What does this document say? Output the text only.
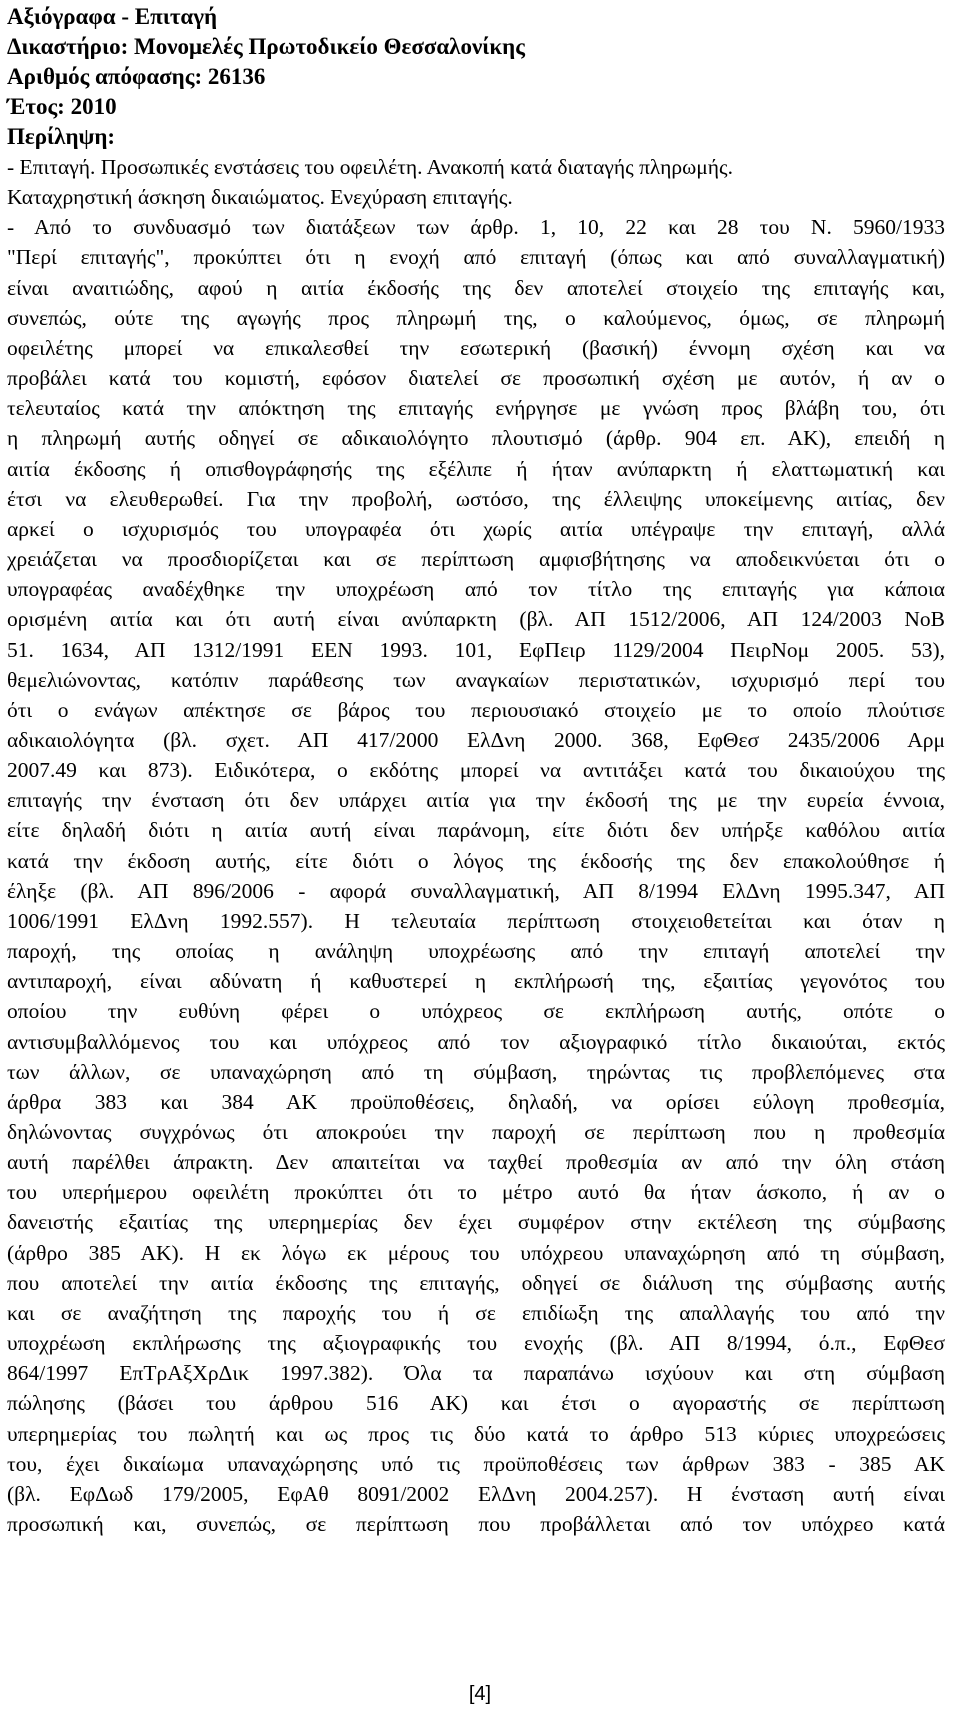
Αξιόγραφα - Επιταγή
Δικαστήριο: Μονομελές Πρωτοδικείο Θεσσαλονίκης
Αριθμός απόφασης: 26136
Έτος: 2010
Περίληψη:
- Επιταγή. Προσωπικές ενστάσεις του οφειλέτη. Ανακοπή κατά διαταγής πληρωμής.
Καταχρηστική άσκηση δικαιώματος. Ενεχύραση επιταγής.
- Από το συνδυασμό των διατάξεων των άρθρ. 1, 10, 22 και 28 του Ν. 5960/1933
"Περί επιταγής", προκύπτει ότι η ενοχή από επιταγή (όπως και από συναλλαγματική)
είναι αναιτιώδης, αφού η αιτία έκδοσής της δεν αποτελεί στοιχείο της επιταγής και,
συνεπώς, ούτε της αγωγής προς πληρωμή της, ο καλούμενος, όμως, σε πληρωμή
οφειλέτης μπορεί να επικαλεσθεί την εσωτερική (βασική) έννομη σχέση και να
προβάλει κατά του κομιστή, εφόσον διατελεί σε προσωπική σχέση με αυτόν, ή αν ο
τελευταίος κατά την απόκτηση της επιταγής ενήργησε με γνώση προς βλάβη του, ότι
η πληρωμή αυτής οδηγεί σε αδικαιολόγητο πλουτισμό (άρθρ. 904 επ. ΑΚ), επειδή η
αιτία έκδοσης ή οπισθογράφησής της εξέλιπε ή ήταν ανύπαρκτη ή ελαττωματική και
έτσι να ελευθερωθεί. Για την προβολή, ωστόσο, της έλλειψης υποκείμενης αιτίας, δεν
αρκεί ο ισχυρισμός του υπογραφέα ότι χωρίς αιτία υπέγραψε την επιταγή, αλλά
χρειάζεται να προσδιορίζεται και σε περίπτωση αμφισβήτησης να αποδεικνύεται ότι ο
υπογραφέας αναδέχθηκε την υποχρέωση από τον τίτλο της επιταγής για κάποια
ορισμένη αιτία και ότι αυτή είναι ανύπαρκτη (βλ. ΑΠ 1512/2006, ΑΠ 124/2003 ΝοΒ
51. 1634, ΑΠ 1312/1991 ΕΕΝ 1993. 101, ΕφΠειρ 1129/2004 ΠειρΝομ 2005. 53),
θεμελιώνοντας, κατόπιν παράθεσης των αναγκαίων περιστατικών, ισχυρισμό περί του
ότι ο ενάγων απέκτησε σε βάρος του περιουσιακό στοιχείο με το οποίο πλούτισε
αδικαιολόγητα (βλ. σχετ. ΑΠ 417/2000 ΕλΔνη 2000. 368, ΕφΘεσ 2435/2006 Αρμ
2007.49 και 873). Ειδικότερα, ο εκδότης μπορεί να αντιτάξει κατά του δικαιούχου της
επιταγής την ένσταση ότι δεν υπάρχει αιτία για την έκδοσή της με την ευρεία έννοια,
είτε δηλαδή διότι η αιτία αυτή είναι παράνομη, είτε διότι δεν υπήρξε καθόλου αιτία
κατά την έκδοση αυτής, είτε διότι ο λόγος της έκδοσής της δεν επακολούθησε ή
έληξε (βλ. ΑΠ 896/2006 - αφορά συναλλαγματική, ΑΠ 8/1994 ΕλΔνη 1995.347, ΑΠ
1006/1991 ΕλΔνη 1992.557). Η τελευταία περίπτωση στοιχειοθετείται και όταν η
παροχή, της οποίας η ανάληψη υποχρέωσης από την επιταγή αποτελεί την
αντιπαροχή, είναι αδύνατη ή καθυστερεί η εκπλήρωσή της, εξαιτίας γεγονότος του
οποίου την ευθύνη φέρει ο υπόχρεος σε εκπλήρωση αυτής, οπότε ο
αντισυμβαλλόμενος του και υπόχρεος από τον αξιογραφικό τίτλο δικαιούται, εκτός
των άλλων, σε υπαναχώρηση από τη σύμβαση, τηρώντας τις προβλεπόμενες στα
άρθρα 383 και 384 ΑΚ προϋποθέσεις, δηλαδή, να ορίσει εύλογη προθεσμία,
δηλώνοντας συγχρόνως ότι αποκρούει την παροχή σε περίπτωση που η προθεσμία
αυτή παρέλθει άπρακτη. Δεν απαιτείται να ταχθεί προθεσμία αν από την όλη στάση
του υπερήμερου οφειλέτη προκύπτει ότι το μέτρο αυτό θα ήταν άσκοπο, ή αν ο
δανειστής εξαιτίας της υπερημερίας δεν έχει συμφέρον στην εκτέλεση της σύμβασης
(άρθρο 385 ΑΚ). Η εκ λόγω εκ μέρους του υπόχρεου υπαναχώρηση από τη σύμβαση,
που αποτελεί την αιτία έκδοσης της επιταγής, οδηγεί σε διάλυση της σύμβασης αυτής
και σε αναζήτηση της παροχής του ή σε επιδίωξη της απαλλαγής του από την
υποχρέωση εκπλήρωσης της αξιογραφικής του ενοχής (βλ. ΑΠ 8/1994, ό.π., ΕφΘεσ
864/1997 ΕπΤρΑξΧρΔικ 1997.382). Όλα τα παραπάνω ισχύουν και στη σύμβαση
πώλησης (βάσει του άρθρου 516 ΑΚ) και έτσι ο αγοραστής σε περίπτωση
υπερημερίας του πωλητή και ως προς τις δύο κατά το άρθρο 513 κύριες υποχρεώσεις
του, έχει δικαίωμα υπαναχώρησης υπό τις προϋποθέσεις των άρθρων 383 - 385 ΑΚ
(βλ. ΕφΔωδ 179/2005, ΕφΑθ 8091/2002 ΕλΔνη 2004.257). Η ένσταση αυτή είναι
προσωπική και, συνεπώς, σε περίπτωση που προβάλλεται από τον υπόχρεο κατά
[4]
